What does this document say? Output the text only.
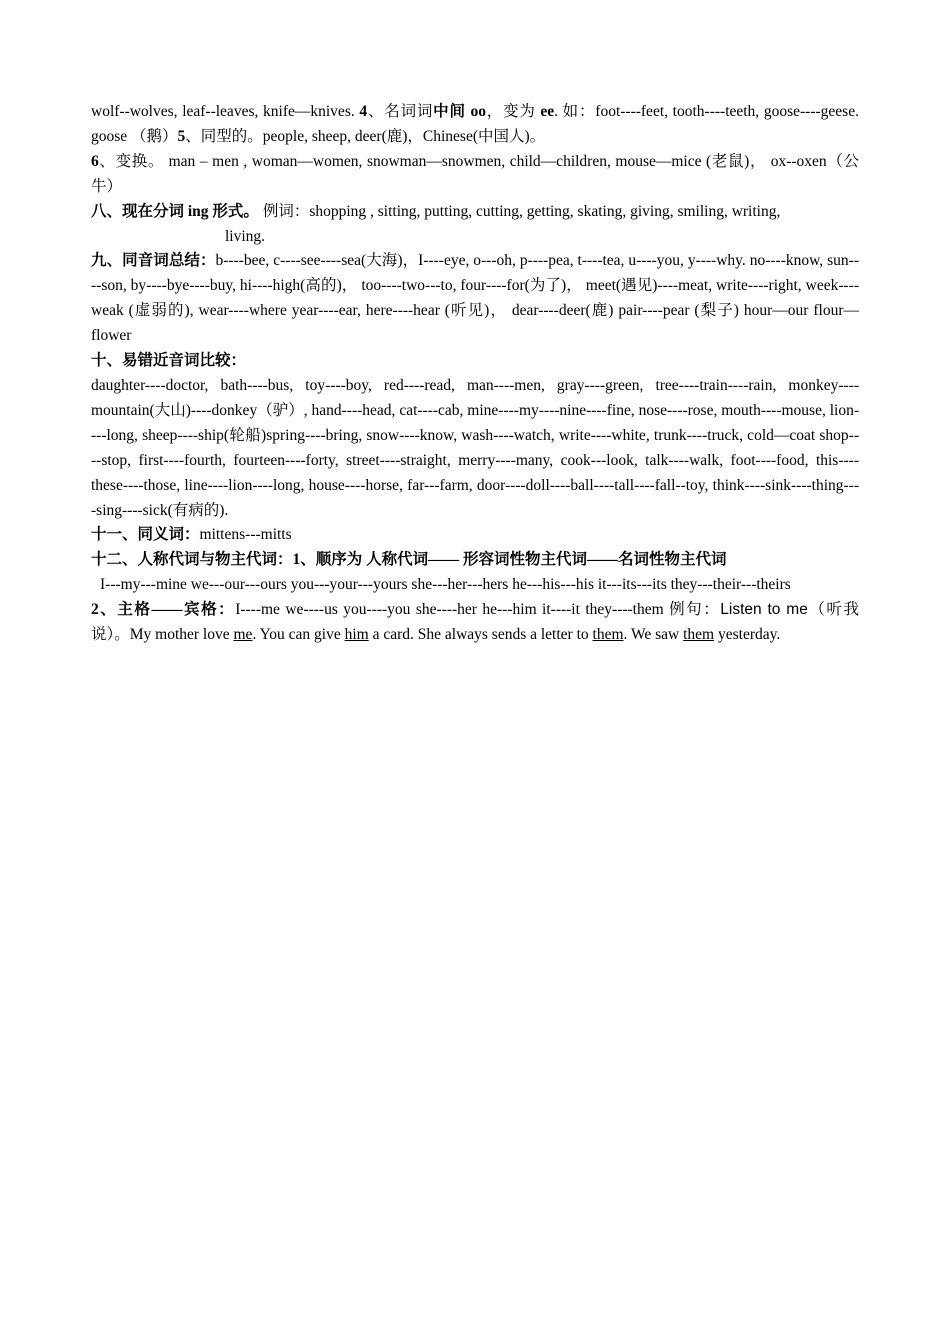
wolf--wolves, leaf--leaves, knife—knives. 4、名词词中间 oo，变为 ee. 如：foot----feet, tooth----teeth, goose----geese. goose （鹅）5、同型的。people, sheep, deer(鹿)，Chinese(中国人)。

6、变换。 man – men , woman—women, snowman—snowmen, child—children, mouse—mice (老鼠)， ox--oxen（公牛）

八、现在分词 ing 形式。 例词：shopping , sitting, putting, cutting, getting, skating, giving, smiling, writing,

living.

九、同音词总结：b----bee, c----see----sea(大海)，I----eye, o---oh, p----pea, t----tea, u----you, y----why. no----know, sun----son, by----bye----buy, hi----high(高的)， too----two---to, four----for(为了)， meet(遇见)----meat, write----right, week----weak (虚弱的), wear----where year----ear, here----hear (听见)， dear----deer(鹿) pair----pear (梨子) hour—our flour—flower

十、易错近音词比较：

daughter----doctor, bath----bus, toy----boy, red----read, man----men, gray----green, tree----train----rain, monkey----mountain(大山)----donkey（驴）, hand----head, cat----cab, mine----my----nine----fine, nose----rose, mouth----mouse, lion----long, sheep----ship(轮船)spring----bring, snow----know, wash----watch, write----white, trunk----truck, cold—coat shop----stop, first----fourth, fourteen----forty, street----straight, merry----many, cook---look, talk----walk, foot----food, this----these----those, line----lion----long, house----horse, far---farm, door----doll----ball----tall----fall--toy, think----sink----thing----sing----sick(有病的).

十一、同义词：mittens---mitts

十二、人称代词与物主代词：1、顺序为 人称代词—— 形容词性物主代词——名词性物主代词

I---my---mine we---our---ours you---your---yours she---her---hers he---his---his it---its---its they---their---theirs

2、主格——宾格：I----me we----us you----you she----her he---him it----it they----them 例句：Listen to me（听我说）。My mother love me. You can give him a card. She always sends a letter to them. We saw them yesterday.
